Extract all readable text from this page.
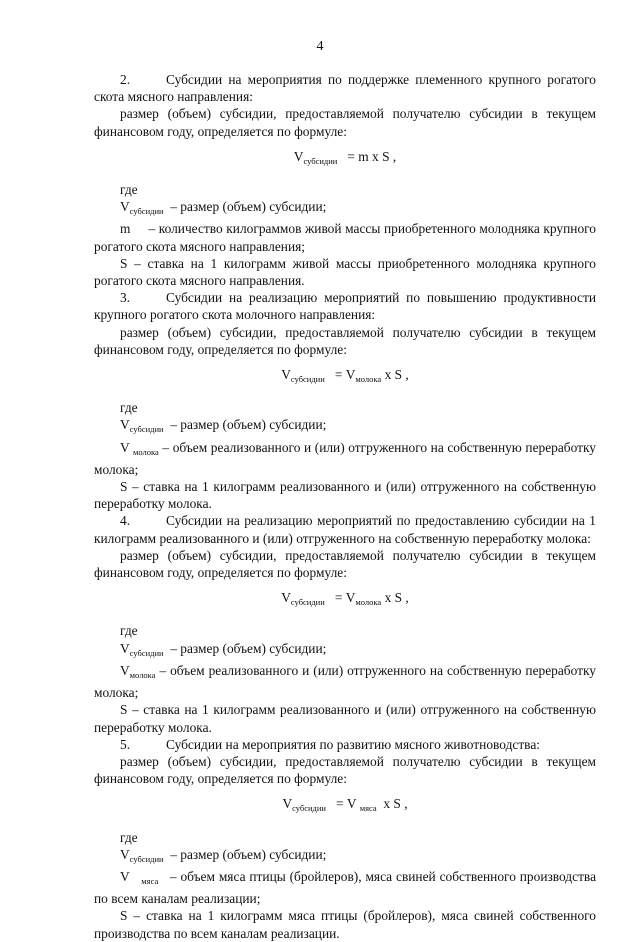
4

2.	Субсидии на мероприятия по поддержке племенного крупного рогатого скота мясного направления:

размер (объем) субсидии, предоставляемой получателю субсидии в текущем финансовом году, определяется по формуле:

$V_{субсидии} = m$ x S ,

где

$V_{субсидии}$ – размер (объем) субсидии;

m – количество килограммов живой массы приобретенного молодняка крупного рогатого скота мясного направления;

S – ставка на 1 килограмм живой массы приобретенного молодняка крупного рогатого скота мясного направления.

3.	Субсидии на реализацию мероприятий по повышению продуктивности крупного рогатого скота молочного направления:

размер (объем) субсидии, предоставляемой получателю субсидии в текущем финансовом году, определяется по формуле:

$V_{субсидии} = V_{молока}$ x S ,

где

$V_{субсидии}$ – размер (объем) субсидии;

V $_{молока}$ – объем реализованного и (или) отгруженного на собственную переработку молока;

S – ставка на 1 килограмм реализованного и (или) отгруженного на собственную переработку молока.

4.	Субсидии на реализацию мероприятий по предоставлению субсидии на 1 килограмм реализованного и (или) отгруженного на собственную переработку молока:

размер (объем) субсидии, предоставляемой получателю субсидии в текущем финансовом году, определяется по формуле:

$V_{субсидии} = V_{молока}$ x S ,

где

$V_{субсидии}$ – размер (объем) субсидии;

$V_{молока}$ – объем реализованного и (или) отгруженного на собственную переработку молока;

S – ставка на 1 килограмм реализованного и (или) отгруженного на собственную переработку молока.

5.	Субсидии на мероприятия по развитию мясного животноводства:

размер (объем) субсидии, предоставляемой получателю субсидии в текущем финансовом году, определяется по формуле:

$V_{субсидии} = V$ $_{мяса}$ x S ,

где

$V_{субсидии}$ – размер (объем) субсидии;

V $_{мяса}$ – объем мяса птицы (бройлеров), мяса свиней собственного производства по всем каналам реализации;

S – ставка на 1 килограмм мяса птицы (бройлеров), мяса свиней собственного производства по всем каналам реализации.
